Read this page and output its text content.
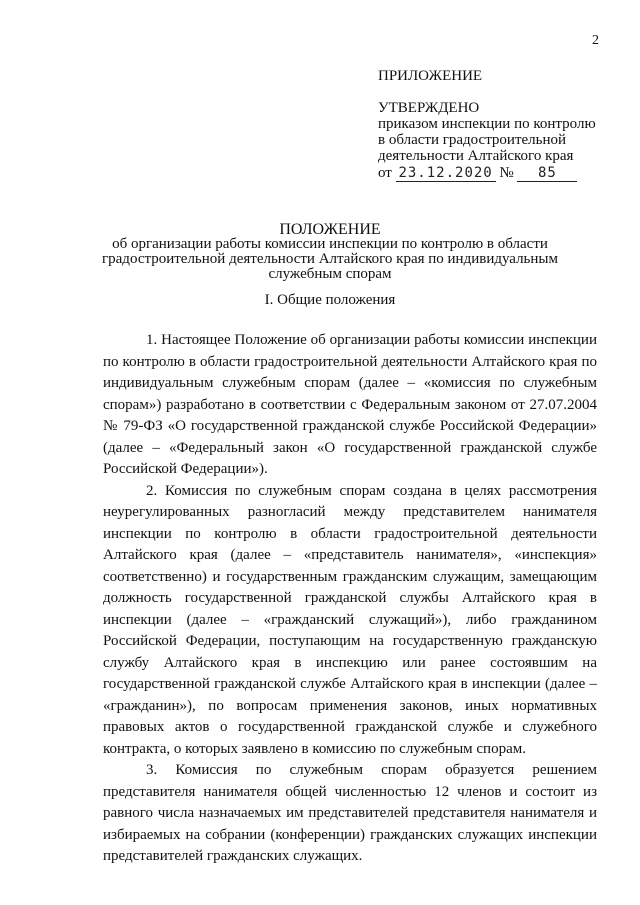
2
ПРИЛОЖЕНИЕ
УТВЕРЖДЕНО
приказом инспекции по контролю
в области градостроительной
деятельности Алтайского края
от 23.12.2020 № 85
ПОЛОЖЕНИЕ
об организации работы комиссии инспекции по контролю в области градостроительной деятельности Алтайского края по индивидуальным служебным спорам
I. Общие положения

1. Настоящее Положение об организации работы комиссии инспекции по контролю в области градостроительной деятельности Алтайского края по индивидуальным служебным спорам (далее – «комиссия по служебным спорам») разработано в соответствии с Федеральным законом от 27.07.2004 № 79-ФЗ «О государственной гражданской службе Российской Федерации» (далее – «Федеральный закон «О государственной гражданской службе Российской Федерации»).

2. Комиссия по служебным спорам создана в целях рассмотрения неурегулированных разногласий между представителем нанимателя инспекции по контролю в области градостроительной деятельности Алтайского края (далее – «представитель нанимателя», «инспекция» соответственно) и государственным гражданским служащим, замещающим должность государственной гражданской службы Алтайского края в инспекции (далее – «гражданский служащий»), либо гражданином Российской Федерации, поступающим на государственную гражданскую службу Алтайского края в инспекцию или ранее состоявшим на государственной гражданской службе Алтайского края в инспекции (далее – «гражданин»), по вопросам применения законов, иных нормативных правовых актов о государственной гражданской службе и служебного контракта, о которых заявлено в комиссию по служебным спорам.

3. Комиссия по служебным спорам образуется решением представителя нанимателя общей численностью 12 членов и состоит из равного числа назначаемых им представителей представителя нанимателя и избираемых на собрании (конференции) гражданских служащих инспекции представителей гражданских служащих.
